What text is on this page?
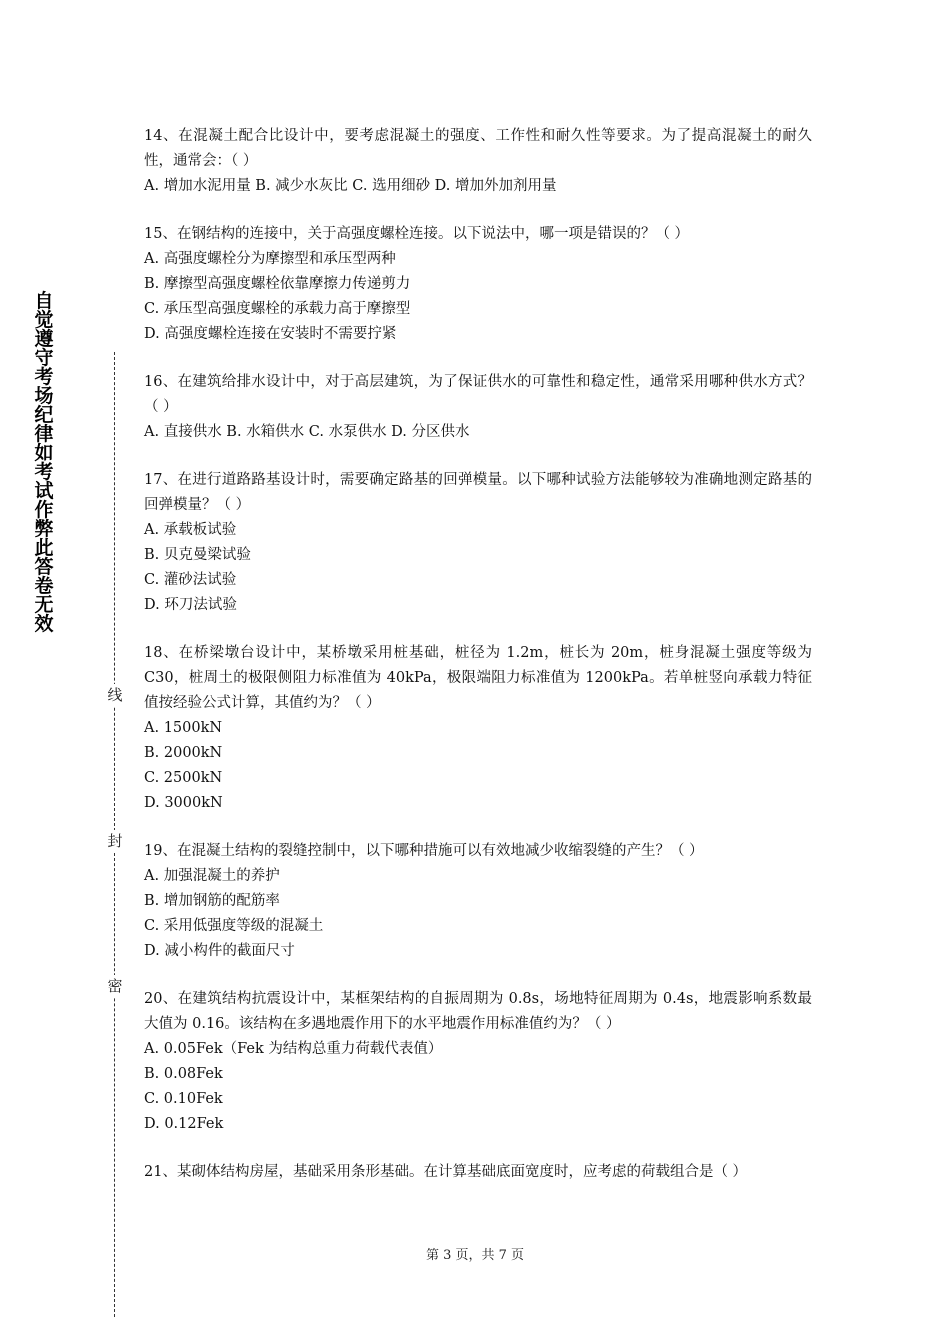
自觉遵守考场纪律如考试作弊此答卷无效
线
封
密

14、在混凝土配合比设计中，要考虑混凝土的强度、工作性和耐久性等要求。为了提高混凝土的耐久性，通常会：（ ）

A. 增加水泥用量 B. 减少水灰比 C. 选用细砂 D. 增加外加剂用量

15、在钢结构的连接中，关于高强度螺栓连接。以下说法中，哪一项是错误的？（ ）

A. 高强度螺栓分为摩擦型和承压型两种

B. 摩擦型高强度螺栓依靠摩擦力传递剪力

C. 承压型高强度螺栓的承载力高于摩擦型

D. 高强度螺栓连接在安装时不需要拧紧

16、在建筑给排水设计中，对于高层建筑，为了保证供水的可靠性和稳定性，通常采用哪种供水方式？（ ）

A. 直接供水 B. 水箱供水 C. 水泵供水 D. 分区供水

17、在进行道路路基设计时，需要确定路基的回弹模量。以下哪种试验方法能够较为准确地测定路基的回弹模量？（ ）

A. 承载板试验

B. 贝克曼梁试验

C. 灌砂法试验

D. 环刀法试验

18、在桥梁墩台设计中，某桥墩采用桩基础，桩径为 1.2m，桩长为 20m，桩身混凝土强度等级为 C30，桩周土的极限侧阻力标准值为 40kPa，极限端阻力标准值为 1200kPa。若单桩竖向承载力特征值按经验公式计算，其值约为？（ ）

A. 1500kN

B. 2000kN

C. 2500kN

D. 3000kN

19、在混凝土结构的裂缝控制中，以下哪种措施可以有效地减少收缩裂缝的产生？（ ）

A. 加强混凝土的养护

B. 增加钢筋的配筋率

C. 采用低强度等级的混凝土

D. 减小构件的截面尺寸

20、在建筑结构抗震设计中，某框架结构的自振周期为 0.8s，场地特征周期为 0.4s，地震影响系数最大值为 0.16。该结构在多遇地震作用下的水平地震作用标准值约为？（ ）

A. 0.05Fek（Fek 为结构总重力荷载代表值）

B. 0.08Fek

C. 0.10Fek

D. 0.12Fek

21、某砌体结构房屋，基础采用条形基础。在计算基础底面宽度时，应考虑的荷载组合是（ ）

第 3 页，共 7 页
